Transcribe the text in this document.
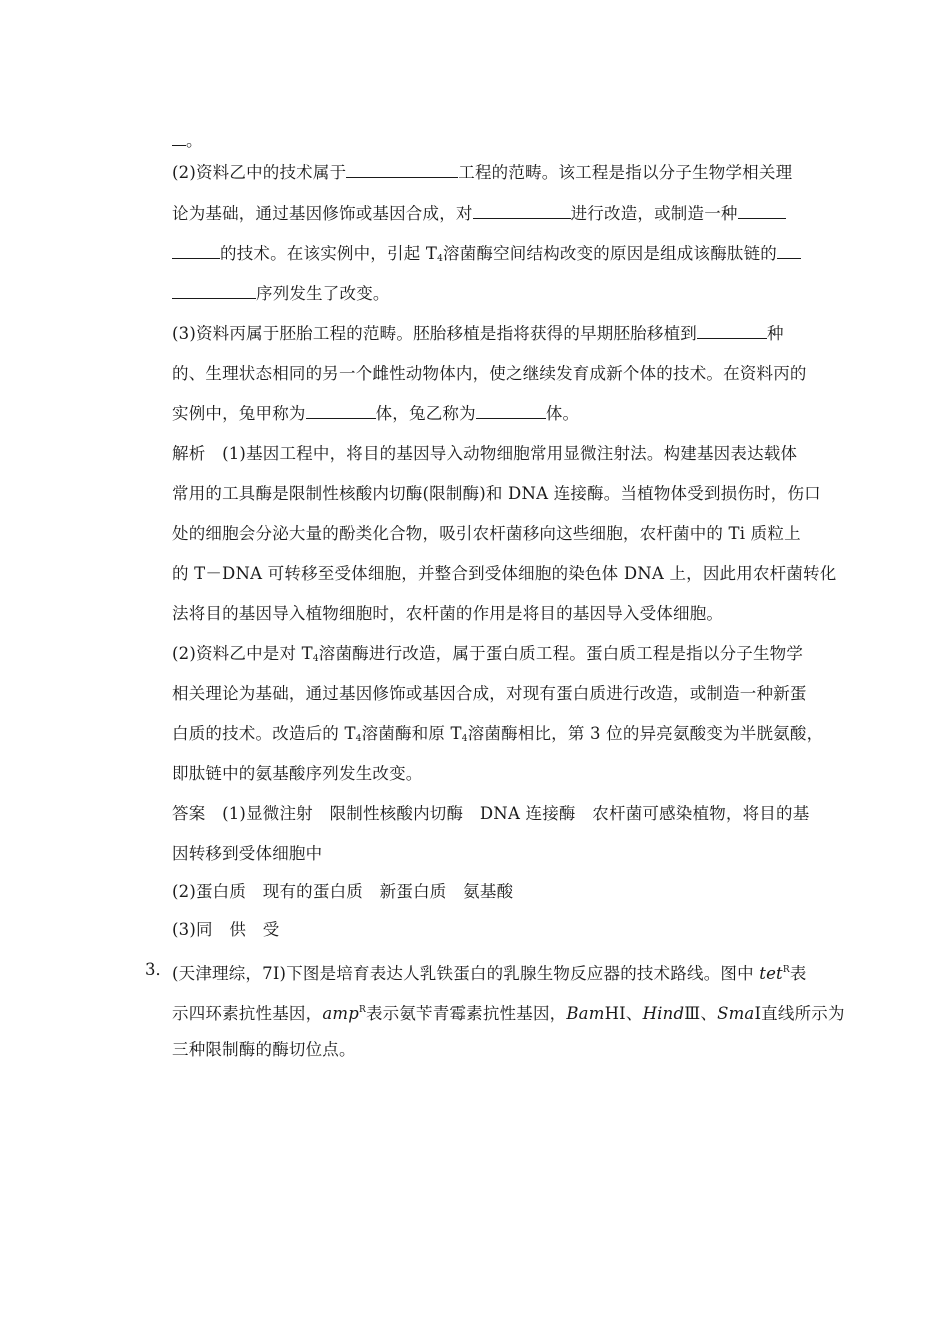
。
(2)资料乙中的技术属于	工程的范畴。该工程是指以分子生物学相关理
论为基础，通过基因修饰或基因合成，对	进行改造，或制造一种
的技术。在该实例中，引起 $T_4$溶菌酶空间结构改变的原因是组成该酶肽链的
序列发生了改变。
(3)资料丙属于胚胎工程的范畴。胚胎移植是指将获得的早期胚胎移植到	种
的、生理状态相同的另一个雌性动物体内，使之继续发育成新个体的技术。在资料丙的
实例中，兔甲称为	体，兔乙称为	体。
解析　(1)基因工程中，将目的基因导入动物细胞常用显微注射法。构建基因表达载体
常用的工具酶是限制性核酸内切酶(限制酶)和 DNA 连接酶。当植物体受到损伤时，伤口
处的细胞会分泌大量的酚类化合物，吸引农杆菌移向这些细胞，农杆菌中的 Ti 质粒上
的 T－DNA 可转移至受体细胞，并整合到受体细胞的染色体 DNA 上，因此用农杆菌转化
法将目的基因导入植物细胞时，农杆菌的作用是将目的基因导入受体细胞。
(2)资料乙中是对 $T_4$溶菌酶进行改造，属于蛋白质工程。蛋白质工程是指以分子生物学
相关理论为基础，通过基因修饰或基因合成，对现有蛋白质进行改造，或制造一种新蛋
白质的技术。改造后的 $T_4$溶菌酶和原 $T_4$溶菌酶相比，第 3 位的异亮氨酸变为半胱氨酸，
即肽链中的氨基酸序列发生改变。
答案　(1)显微注射　限制性核酸内切酶　DNA 连接酶　农杆菌可感染植物，将目的基
因转移到受体细胞中
(2)蛋白质　现有的蛋白质　新蛋白质　氨基酸
(3)同　供　受
3． (天津理综，7Ⅰ)下图是培育表达人乳铁蛋白的乳腺生物反应器的技术路线。图中 tet$^R$表
示四环素抗性基因，amp$^R$表示氨苄青霉素抗性基因，BamHⅠ、HindⅢ、SmaⅠ直线所示为
三种限制酶的酶切位点。
